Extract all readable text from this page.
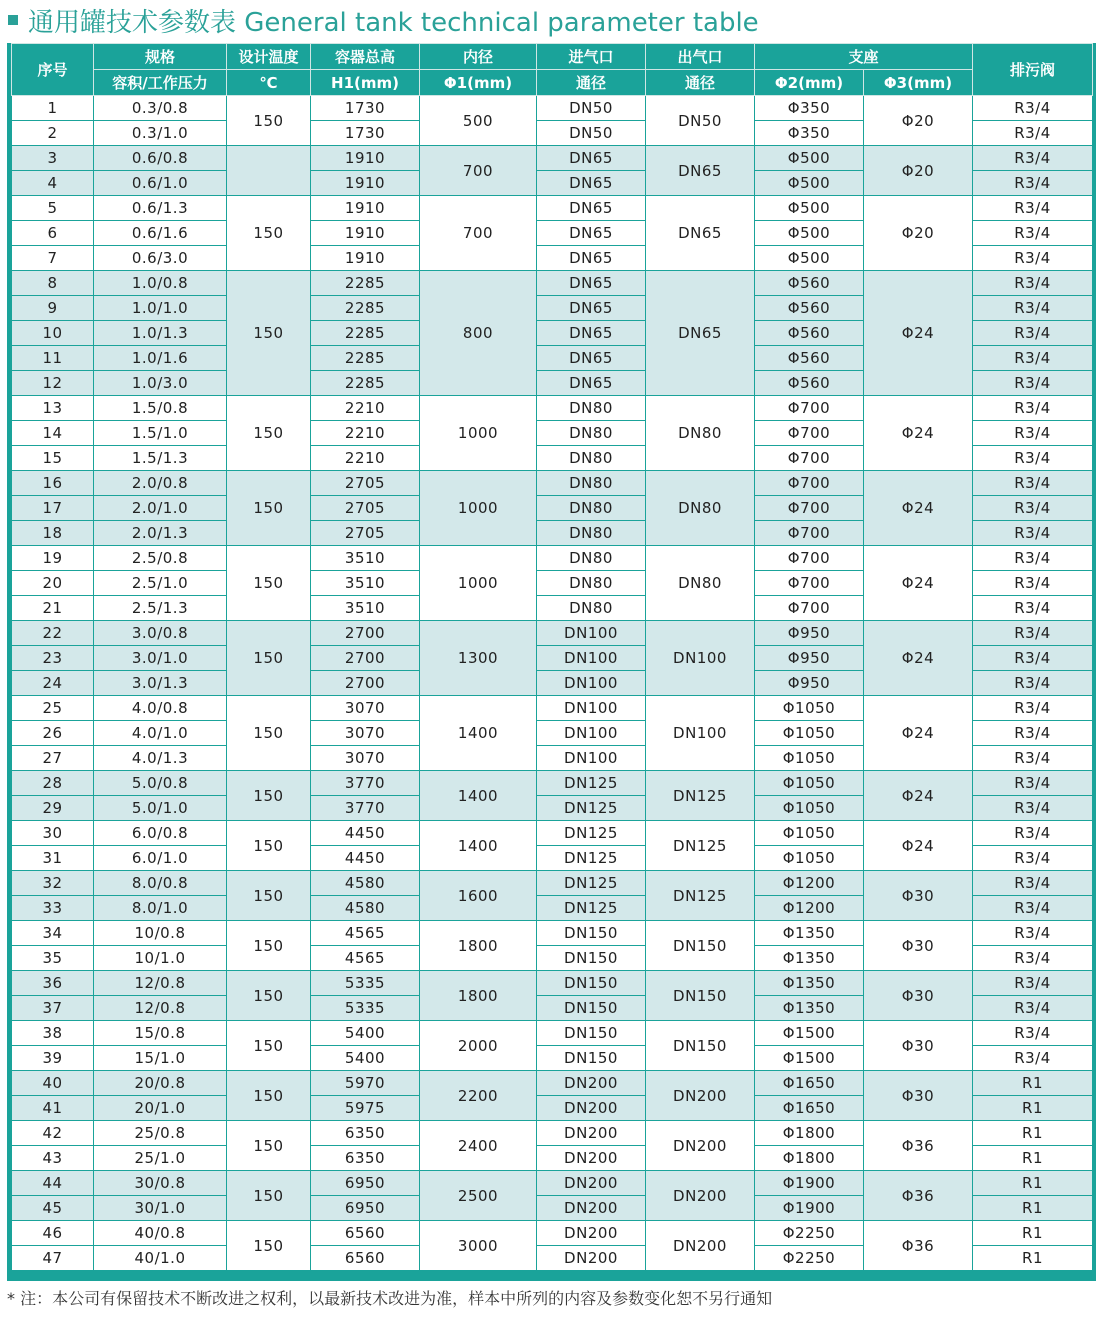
通用罐技术参数表 General tank technical parameter table
序号	规格	设计温度	容器总高	内径	进气口	出气口	支座		排污阀
	容积/工作压力	℃	H1(mm)	Φ1(mm)	通径	通径	Φ2(mm)	Φ3(mm)	
1	0.3/0.8	150	1730	500	DN50	DN50	Φ350	Φ20	R3/4
2	0.3/1.0		1730		DN50		Φ350		R3/4
3	0.6/0.8		1910	700	DN65	DN65	Φ500	Φ20	R3/4
4	0.6/1.0		1910		DN65		Φ500		R3/4
5	0.6/1.3	150	1910	700	DN65	DN65	Φ500	Φ20	R3/4
6	0.6/1.6		1910		DN65		Φ500		R3/4
7	0.6/3.0		1910		DN65		Φ500		R3/4
8	1.0/0.8	150	2285	800	DN65	DN65	Φ560	Φ24	R3/4
9	1.0/1.0		2285		DN65		Φ560		R3/4
10	1.0/1.3		2285		DN65		Φ560		R3/4
11	1.0/1.6		2285		DN65		Φ560		R3/4
12	1.0/3.0		2285		DN65		Φ560		R3/4
13	1.5/0.8	150	2210	1000	DN80	DN80	Φ700	Φ24	R3/4
14	1.5/1.0		2210		DN80		Φ700		R3/4
15	1.5/1.3		2210		DN80		Φ700		R3/4
16	2.0/0.8	150	2705	1000	DN80	DN80	Φ700	Φ24	R3/4
17	2.0/1.0		2705		DN80		Φ700		R3/4
18	2.0/1.3		2705		DN80		Φ700		R3/4
19	2.5/0.8	150	3510	1000	DN80	DN80	Φ700	Φ24	R3/4
20	2.5/1.0		3510		DN80		Φ700		R3/4
21	2.5/1.3		3510		DN80		Φ700		R3/4
22	3.0/0.8	150	2700	1300	DN100	DN100	Φ950	Φ24	R3/4
23	3.0/1.0		2700		DN100		Φ950		R3/4
24	3.0/1.3		2700		DN100		Φ950		R3/4
25	4.0/0.8	150	3070	1400	DN100	DN100	Φ1050	Φ24	R3/4
26	4.0/1.0		3070		DN100		Φ1050		R3/4
27	4.0/1.3		3070		DN100		Φ1050		R3/4
28	5.0/0.8	150	3770	1400	DN125	DN125	Φ1050	Φ24	R3/4
29	5.0/1.0		3770		DN125		Φ1050		R3/4
30	6.0/0.8	150	4450	1400	DN125	DN125	Φ1050	Φ24	R3/4
31	6.0/1.0		4450		DN125		Φ1050		R3/4
32	8.0/0.8	150	4580	1600	DN125	DN125	Φ1200	Φ30	R3/4
33	8.0/1.0		4580		DN125		Φ1200		R3/4
34	10/0.8	150	4565	1800	DN150	DN150	Φ1350	Φ30	R3/4
35	10/1.0		4565		DN150		Φ1350		R3/4
36	12/0.8	150	5335	1800	DN150	DN150	Φ1350	Φ30	R3/4
37	12/0.8		5335		DN150		Φ1350		R3/4
38	15/0.8	150	5400	2000	DN150	DN150	Φ1500	Φ30	R3/4
39	15/1.0		5400		DN150		Φ1500		R3/4
40	20/0.8	150	5970	2200	DN200	DN200	Φ1650	Φ30	R1
41	20/1.0		5975		DN200		Φ1650		R1
42	25/0.8	150	6350	2400	DN200	DN200	Φ1800	Φ36	R1
43	25/1.0		6350		DN200		Φ1800		R1
44	30/0.8	150	6950	2500	DN200	DN200	Φ1900	Φ36	R1
45	30/1.0		6950		DN200		Φ1900		R1
46	40/0.8	150	6560	3000	DN200	DN200	Φ2250	Φ36	R1
47	40/1.0		6560		DN200		Φ2250		R1
* 注：本公司有保留技术不断改进之权利，以最新技术改进为准，样本中所列的内容及参数变化恕不另行通知
